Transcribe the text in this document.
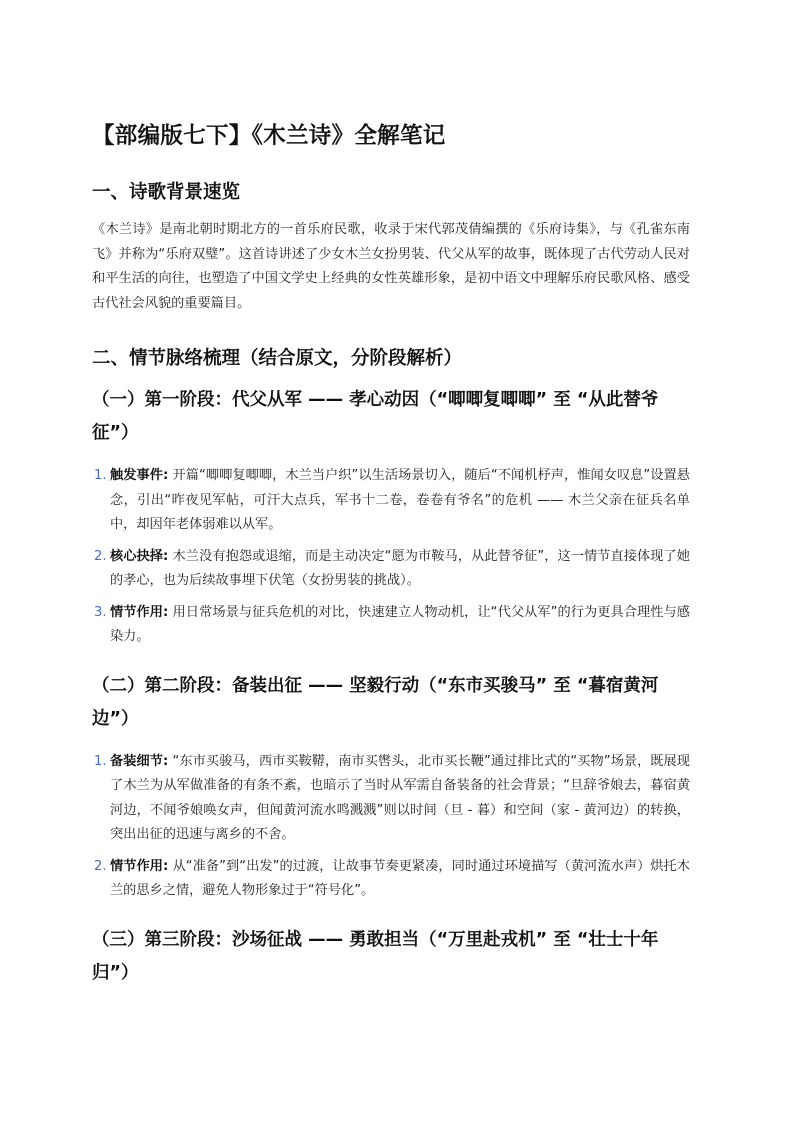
【部编版七下】《木兰诗》全解笔记
一、诗歌背景速览

《木兰诗》是南北朝时期北方的一首乐府民歌，收录于宋代郭茂倩编撰的《乐府诗集》，与《孔雀东南飞》并称为“乐府双璧”。这首诗讲述了少女木兰女扮男装、代父从军的故事，既体现了古代劳动人民对和平生活的向往，也塑造了中国文学史上经典的女性英雄形象，是初中语文中理解乐府民歌风格、感受古代社会风貌的重要篇目。

二、情节脉络梳理（结合原文，分阶段解析）
（一）第一阶段：代父从军 —— 孝心动因（“唧唧复唧唧” 至 “从此替爷征”）
1. 触发事件: 开篇“唧唧复唧唧，木兰当户织”以生活场景切入，随后“不闻机杼声，惟闻女叹息”设置悬念，引出“昨夜见军帖，可汗大点兵，军书十二卷，卷卷有爷名”的危机 —— 木兰父亲在征兵名单中，却因年老体弱难以从军。
2. 核心抉择: 木兰没有抱怨或退缩，而是主动决定“愿为市鞍马，从此替爷征”，这一情节直接体现了她的孝心，也为后续故事埋下伏笔（女扮男装的挑战）。
3. 情节作用: 用日常场景与征兵危机的对比，快速建立人物动机，让“代父从军”的行为更具合理性与感染力。
（二）第二阶段：备装出征 —— 坚毅行动（“东市买骏马” 至 “暮宿黄河边”）
1. 备装细节: “东市买骏马，西市买鞍鞯，南市买辔头，北市买长鞭”通过排比式的“买物”场景，既展现了木兰为从军做准备的有条不紊，也暗示了当时从军需自备装备的社会背景；“旦辞爷娘去，暮宿黄河边，不闻爷娘唤女声，但闻黄河流水鸣溅溅”则以时间（旦 - 暮）和空间（家 - 黄河边）的转换，突出出征的迅速与离乡的不舍。
2. 情节作用: 从“准备”到“出发”的过渡，让故事节奏更紧凑，同时通过环境描写（黄河流水声）烘托木兰的思乡之情，避免人物形象过于“符号化”。
（三）第三阶段：沙场征战 —— 勇敢担当（“万里赴戎机” 至 “壮士十年归”）
